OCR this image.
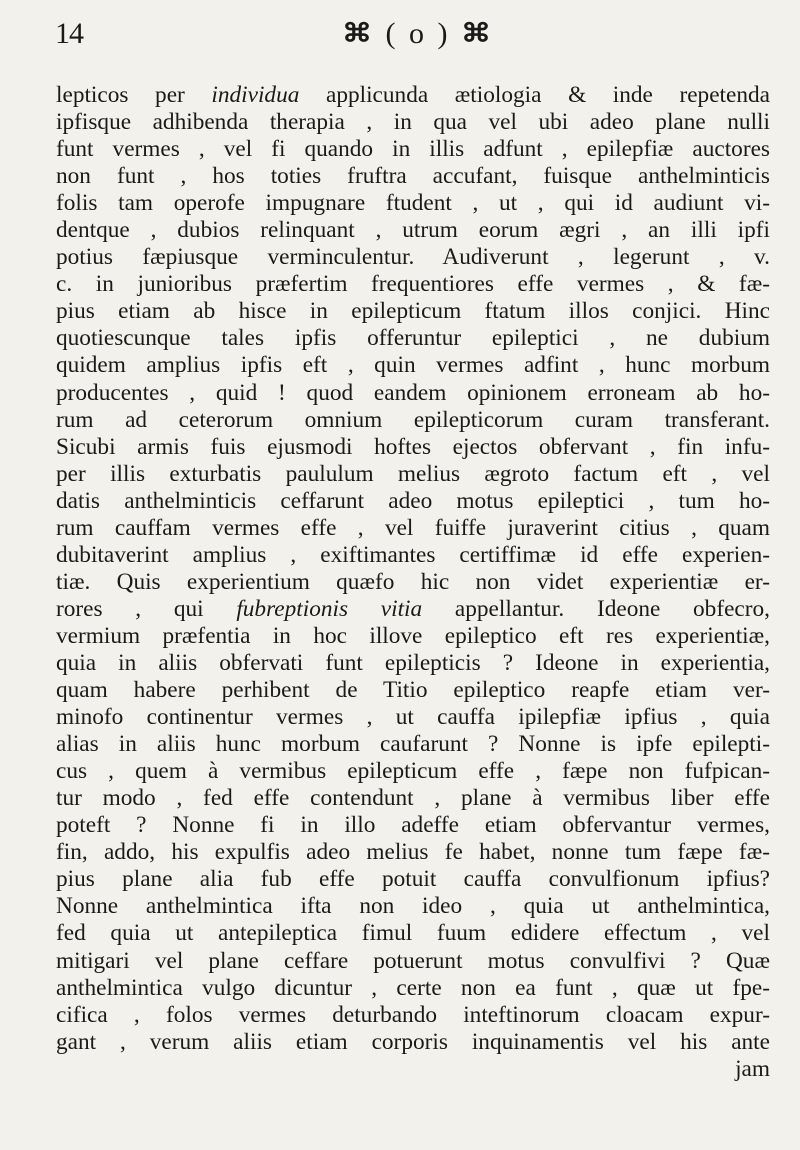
14	⌘ ( o ) ⌘
lepticos per individua applicunda ætiologia & inde repetenda
ipfisque adhibenda therapia , in qua vel ubi adeo plane nulli
funt vermes , vel fi quando in illis adfunt , epilepfiæ auctores
non funt , hos toties fruftra accufant, fuisque anthelminticis
folis tam operofe impugnare ftudent , ut , qui id audiunt vi-
dentque , dubios relinquant , utrum eorum ægri , an illi ipfi
potius fæpiusque verminculentur. Audiverunt , legerunt , v.
c. in junioribus præfertim frequentiores effe vermes , & fæ-
pius etiam ab hisce in epilepticum ftatum illos conjici. Hinc
quotiescunque tales ipfis offeruntur epileptici , ne dubium
quidem amplius ipfis eft , quin vermes adfint , hunc morbum
producentes , quid ! quod eandem opinionem erroneam ab ho-
rum ad ceterorum omnium epilepticorum curam transferant.
Sicubi armis fuis ejusmodi hoftes ejectos obfervant , fin infu-
per illis exturbatis paululum melius ægroto factum eft , vel
datis anthelminticis ceffarunt adeo motus epileptici , tum ho-
rum cauffam vermes effe , vel fuiffe juraverint citius , quam
dubitaverint amplius , exiftimantes certiffimæ id effe experien-
tiæ. Quis experientium quæfo hic non videt experientiæ er-
rores , qui fubreptionis vitia appellantur. Ideone obfecro,
vermium præfentia in hoc illove epileptico eft res experientiæ,
quia in aliis obfervati funt epilepticis ? Ideone in experientia,
quam habere perhibent de Titio epileptico reapfe etiam ver-
minofo continentur vermes , ut cauffa ipilepfiæ ipfius , quia
alias in aliis hunc morbum caufarunt ? Nonne is ipfe epilepti-
cus , quem à vermibus epilepticum effe , fæpe non fufpican-
tur modo , fed effe contendunt , plane à vermibus liber effe
poteft ? Nonne fi in illo adeffe etiam obfervantur vermes,
fin, addo, his expulfis adeo melius fe habet, nonne tum fæpe fæ-
pius plane alia fub effe potuit cauffa convulfionum ipfius?
Nonne anthelmintica ifta non ideo , quia ut anthelmintica,
fed quia ut antepileptica fimul fuum edidere effectum , vel
mitigari vel plane ceffare potuerunt motus convulfivi ? Quæ
anthelmintica vulgo dicuntur , certe non ea funt , quæ ut fpe-
cifica , folos vermes deturbando inteftinorum cloacam expur-
gant , verum aliis etiam corporis inquinamentis vel his ante
jam
